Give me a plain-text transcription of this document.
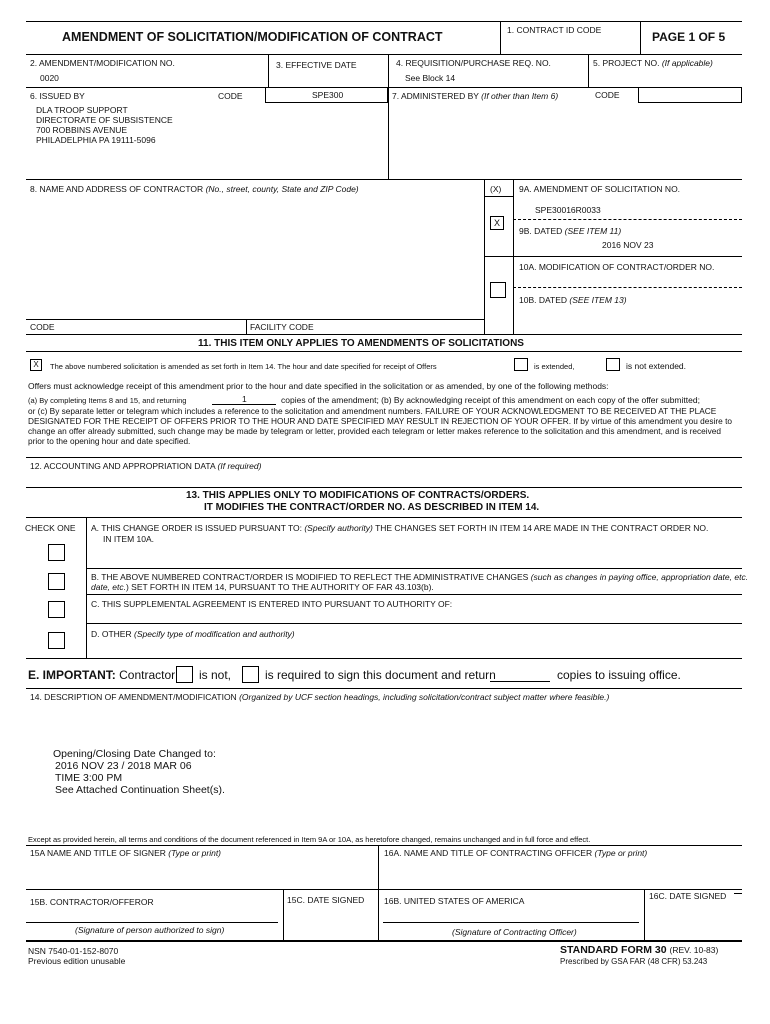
AMENDMENT OF SOLICITATION/MODIFICATION OF CONTRACT	1. CONTRACT ID CODE	PAGE 1 OF 5
2. AMENDMENT/MODIFICATION NO.
0020
3. EFFECTIVE DATE	4. REQUISITION/PURCHASE REQ. NO.
See Block 14
5. PROJECT NO. (If applicable)
6. ISSUED BY	CODE	SPE300
DLA TROOP SUPPORT
DIRECTORATE OF SUBSISTENCE
700 ROBBINS AVENUE
PHILADELPHIA PA 19111-5096
7. ADMINISTERED BY (If other than Item 6)	CODE
8. NAME AND ADDRESS OF CONTRACTOR (No., street, county, State and ZIP Code)	(X) 9A. AMENDMENT OF SOLICITATION NO.
SPE30016R0033
X
9B. DATED (SEE ITEM 11)
2016 NOV 23
10A. MODIFICATION OF CONTRACT/ORDER NO.
10B. DATED (SEE ITEM 13)
CODE	FACILITY CODE
11. THIS ITEM ONLY APPLIES TO AMENDMENTS OF SOLICITATIONS
X	The above numbered solicitation is amended as set forth in Item 14. The hour and date specified for receipt of Offers	is extended,	is not extended.
Offers must acknowledge receipt of this amendment prior to the hour and date specified in the solicitation or as amended, by one of the following methods:
(a) By completing Items 8 and 15, and returning	1	copies of the amendment; (b) By acknowledging receipt of this amendment on each copy of the offer submitted;
or (c) By separate letter or telegram which includes a reference to the solicitation and amendment numbers. FAILURE OF YOUR ACKNOWLEDGMENT TO BE RECEIVED AT THE PLACE DESIGNATED FOR THE RECEIPT OF OFFERS PRIOR TO THE HOUR AND DATE SPECIFIED MAY RESULT IN REJECTION OF YOUR OFFER. If by virtue of this amendment you desire to change an offer already submitted, such change may be made by telegram or letter, provided each telegram or letter makes reference to the solicitation and this amendment, and is received prior to the opening hour and date specified.
12. ACCOUNTING AND APPROPRIATION DATA (If required)
13. THIS APPLIES ONLY TO MODIFICATIONS OF CONTRACTS/ORDERS.
IT MODIFIES THE CONTRACT/ORDER NO. AS DESCRIBED IN ITEM 14.
CHECK ONE A. THIS CHANGE ORDER IS ISSUED PURSUANT TO: (Specify authority) THE CHANGES SET FORTH IN ITEM 14 ARE MADE IN THE CONTRACT ORDER NO.
IN ITEM 10A.
B. THE ABOVE NUMBERED CONTRACT/ORDER IS MODIFIED TO REFLECT THE ADMINISTRATIVE CHANGES (such as changes in paying office, appropriation date, etc.
date, etc.) SET FORTH IN ITEM 14, PURSUANT TO THE AUTHORITY OF FAR 43.103(b).
C. THIS SUPPLEMENTAL AGREEMENT IS ENTERED INTO PURSUANT TO AUTHORITY OF:
D. OTHER (Specify type of modification and authority)
E. IMPORTANT: Contractor is not,	is required to sign this document and return	copies to issuing office.
14. DESCRIPTION OF AMENDMENT/MODIFICATION (Organized by UCF section headings, including solicitation/contract subject matter where feasible.)
Opening/Closing Date Changed to:
2016 NOV 23 / 2018 MAR 06
TIME 3:00 PM
See Attached Continuation Sheet(s).
Except as provided herein, all terms and conditions of the document referenced in Item 9A or 10A, as heretofore changed, remains unchanged and in full force and effect.
15A NAME AND TITLE OF SIGNER (Type or print)	16A. NAME AND TITLE OF CONTRACTING OFFICER (Type or print)
15B. CONTRACTOR/OFFEROR	15C. DATE SIGNED 16B. UNITED STATES OF AMERICA	16C. DATE SIGNED
(Signature of person authorized to sign)	(Signature of Contracting Officer)
NSN 7540-01-152-8070
Previous edition unusable
STANDARD FORM 30 (REV. 10-83)
Prescribed by GSA FAR (48 CFR) 53.243
